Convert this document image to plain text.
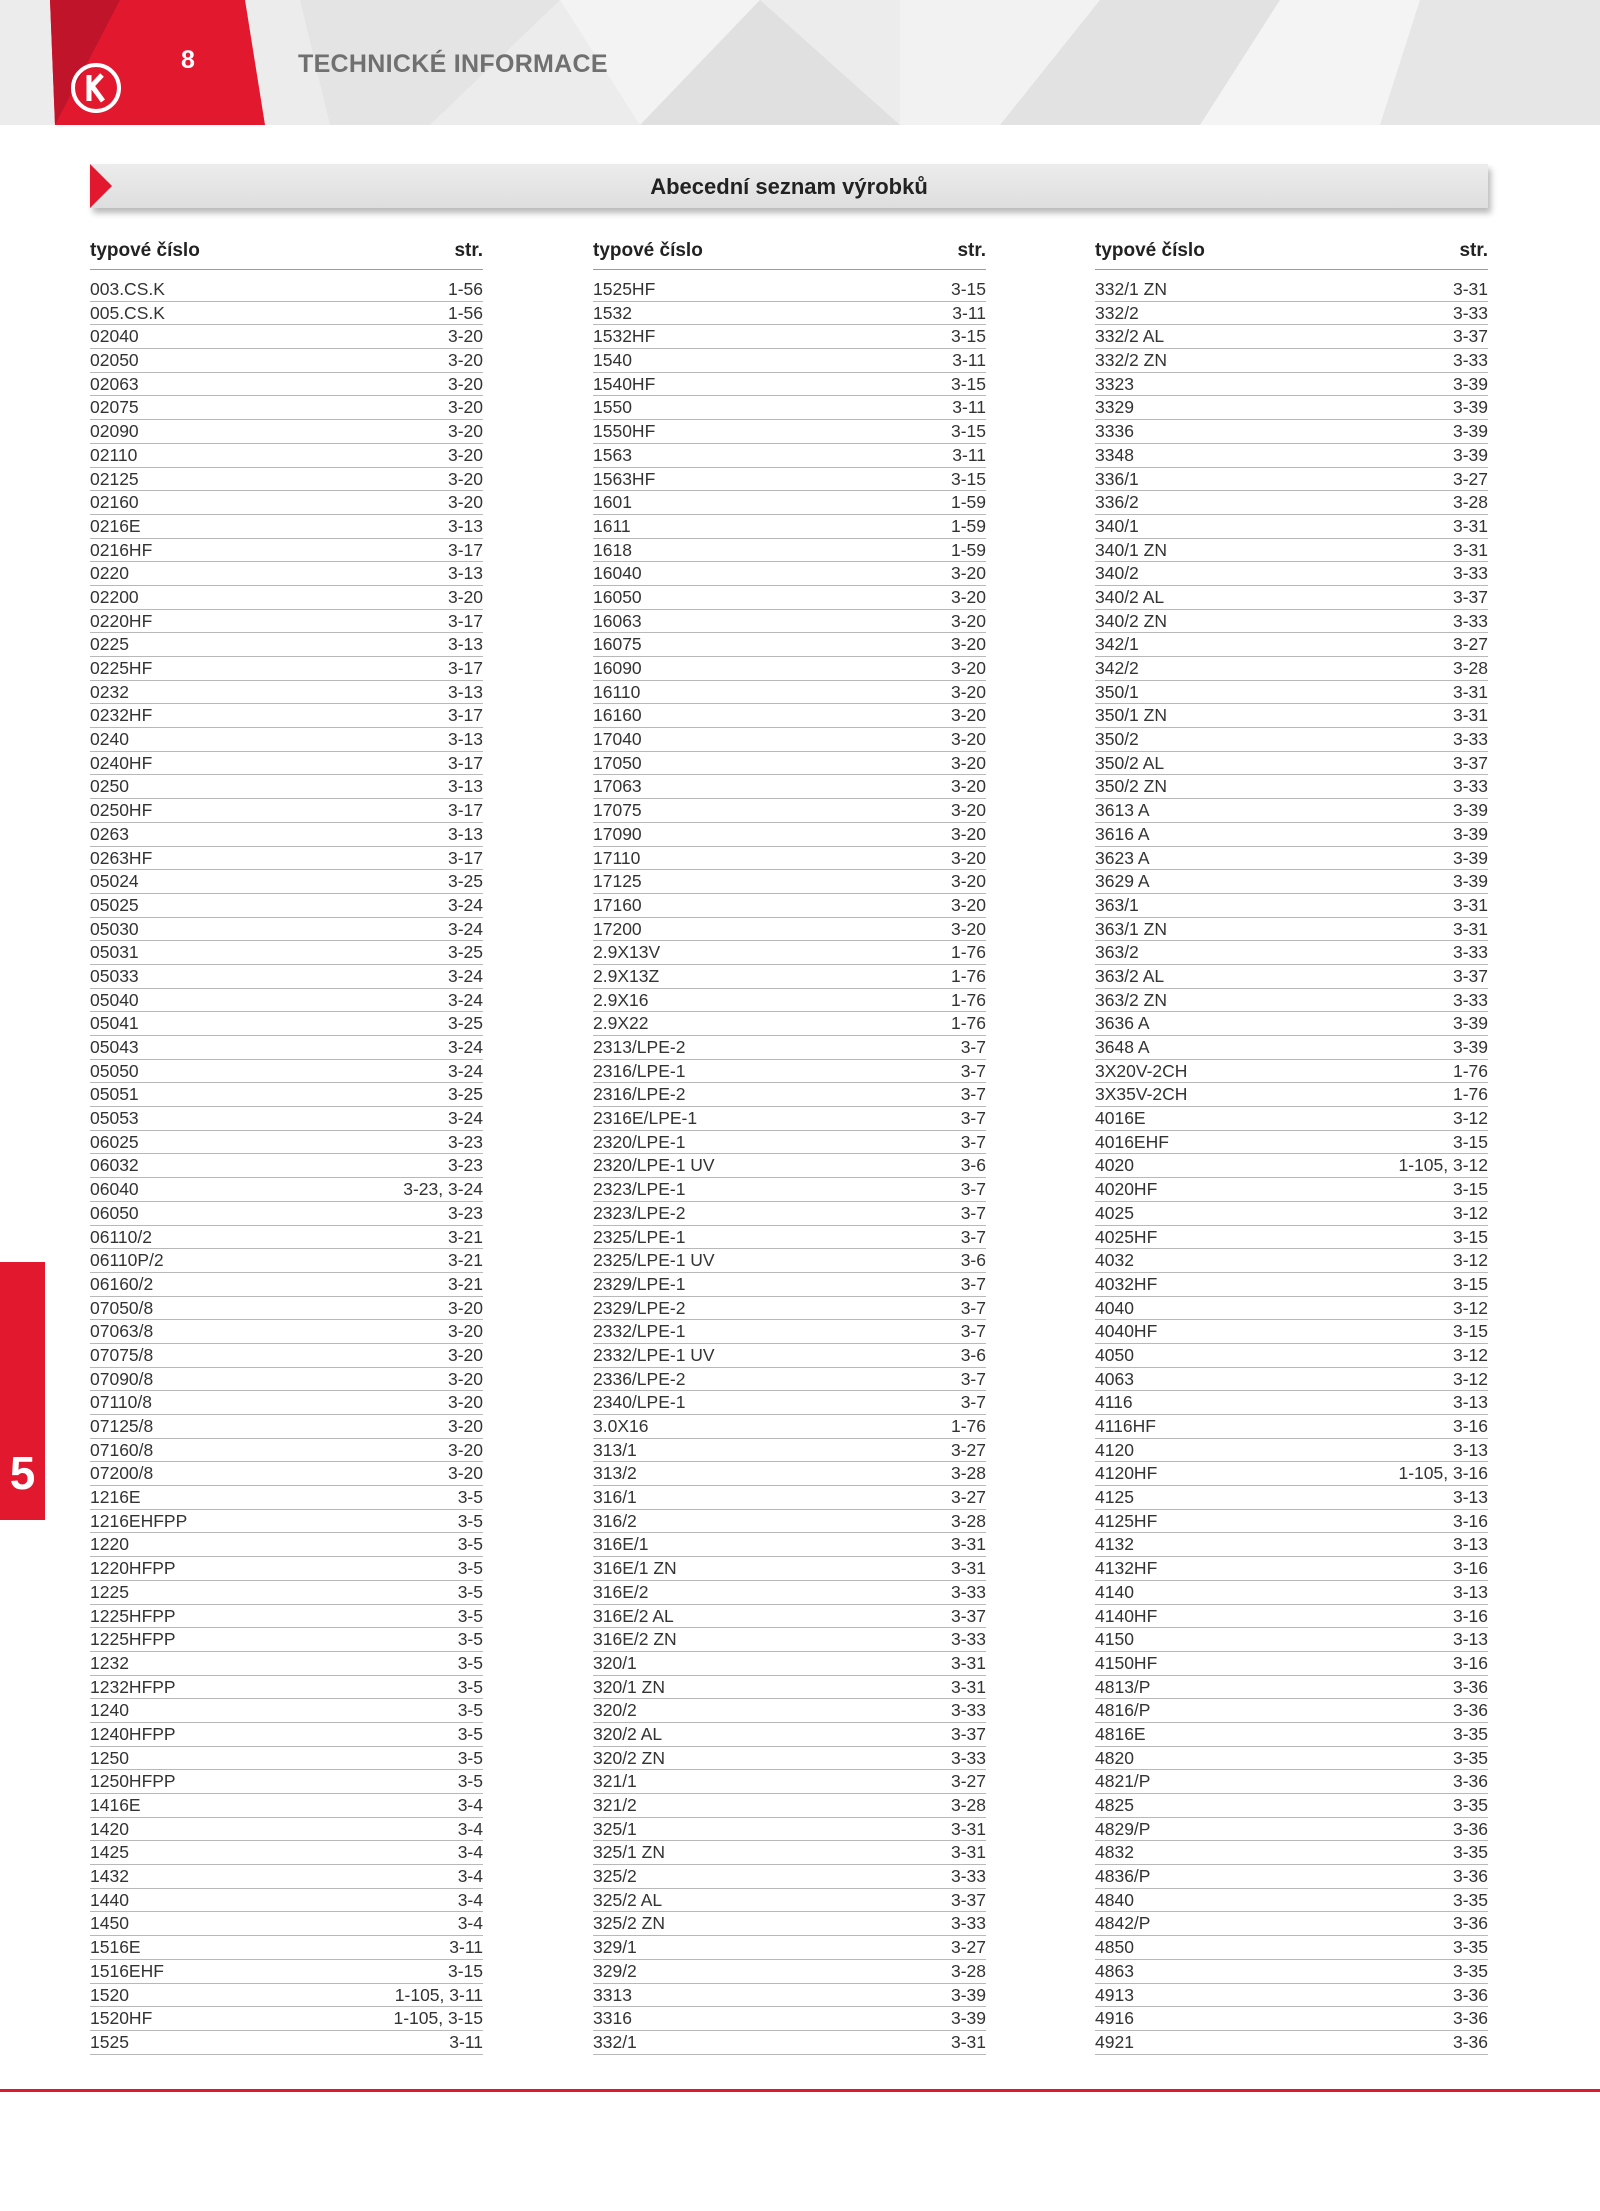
8	TECHNICKÉ INFORMACE
Abecední seznam výrobků
typové číslo	str.
003.CS.K	1-56
005.CS.K	1-56
02040	3-20
02050	3-20
02063	3-20
02075	3-20
02090	3-20
02110	3-20
02125	3-20
02160	3-20
0216E	3-13
0216HF	3-17
0220	3-13
02200	3-20
0220HF	3-17
0225	3-13
0225HF	3-17
0232	3-13
0232HF	3-17
0240	3-13
0240HF	3-17
0250	3-13
0250HF	3-17
0263	3-13
0263HF	3-17
05024	3-25
05025	3-24
05030	3-24
05031	3-25
05033	3-24
05040	3-24
05041	3-25
05043	3-24
05050	3-24
05051	3-25
05053	3-24
06025	3-23
06032	3-23
06040	3-23, 3-24
06050	3-23
06110/2	3-21
06110P/2	3-21
06160/2	3-21
07050/8	3-20
07063/8	3-20
07075/8	3-20
07090/8	3-20
07110/8	3-20
07125/8	3-20
07160/8	3-20
07200/8	3-20
1216E	3-5
1216EHFPP	3-5
1220	3-5
1220HFPP	3-5
1225	3-5
1225HFPP	3-5
1225HFPP	3-5
1232	3-5
1232HFPP	3-5
1240	3-5
1240HFPP	3-5
1250	3-5
1250HFPP	3-5
1416E	3-4
1420	3-4
1425	3-4
1432	3-4
1440	3-4
1450	3-4
1516E	3-11
1516EHF	3-15
1520	1-105, 3-11
1520HF	1-105, 3-15
1525	3-11
typové číslo	str.
1525HF	3-15
1532	3-11
1532HF	3-15
1540	3-11
1540HF	3-15
1550	3-11
1550HF	3-15
1563	3-11
1563HF	3-15
1601	1-59
1611	1-59
1618	1-59
16040	3-20
16050	3-20
16063	3-20
16075	3-20
16090	3-20
16110	3-20
16160	3-20
17040	3-20
17050	3-20
17063	3-20
17075	3-20
17090	3-20
17110	3-20
17125	3-20
17160	3-20
17200	3-20
2.9X13V	1-76
2.9X13Z	1-76
2.9X16	1-76
2.9X22	1-76
2313/LPE-2	3-7
2316/LPE-1	3-7
2316/LPE-2	3-7
2316E/LPE-1	3-7
2320/LPE-1	3-7
2320/LPE-1 UV	3-6
2323/LPE-1	3-7
2323/LPE-2	3-7
2325/LPE-1	3-7
2325/LPE-1 UV	3-6
2329/LPE-1	3-7
2329/LPE-2	3-7
2332/LPE-1	3-7
2332/LPE-1 UV	3-6
2336/LPE-2	3-7
2340/LPE-1	3-7
3.0X16	1-76
313/1	3-27
313/2	3-28
316/1	3-27
316/2	3-28
316E/1	3-31
316E/1 ZN	3-31
316E/2	3-33
316E/2 AL	3-37
316E/2 ZN	3-33
320/1	3-31
320/1 ZN	3-31
320/2	3-33
320/2 AL	3-37
320/2 ZN	3-33
321/1	3-27
321/2	3-28
325/1	3-31
325/1 ZN	3-31
325/2	3-33
325/2 AL	3-37
325/2 ZN	3-33
329/1	3-27
329/2	3-28
3313	3-39
3316	3-39
332/1	3-31
typové číslo	str.
332/1 ZN	3-31
332/2	3-33
332/2 AL	3-37
332/2 ZN	3-33
3323	3-39
3329	3-39
3336	3-39
3348	3-39
336/1	3-27
336/2	3-28
340/1	3-31
340/1 ZN	3-31
340/2	3-33
340/2 AL	3-37
340/2 ZN	3-33
342/1	3-27
342/2	3-28
350/1	3-31
350/1 ZN	3-31
350/2	3-33
350/2 AL	3-37
350/2 ZN	3-33
3613 A	3-39
3616 A	3-39
3623 A	3-39
3629 A	3-39
363/1	3-31
363/1 ZN	3-31
363/2	3-33
363/2 AL	3-37
363/2 ZN	3-33
3636 A	3-39
3648 A	3-39
3X20V-2CH	1-76
3X35V-2CH	1-76
4016E	3-12
4016EHF	3-15
4020	1-105, 3-12
4020HF	3-15
4025	3-12
4025HF	3-15
4032	3-12
4032HF	3-15
4040	3-12
4040HF	3-15
4050	3-12
4063	3-12
4116	3-13
4116HF	3-16
4120	3-13
4120HF	1-105, 3-16
4125	3-13
4125HF	3-16
4132	3-13
4132HF	3-16
4140	3-13
4140HF	3-16
4150	3-13
4150HF	3-16
4813/P	3-36
4816/P	3-36
4816E	3-35
4820	3-35
4821/P	3-36
4825	3-35
4829/P	3-36
4832	3-35
4836/P	3-36
4840	3-35
4842/P	3-36
4850	3-35
4863	3-35
4913	3-36
4916	3-36
4921	3-36
5
